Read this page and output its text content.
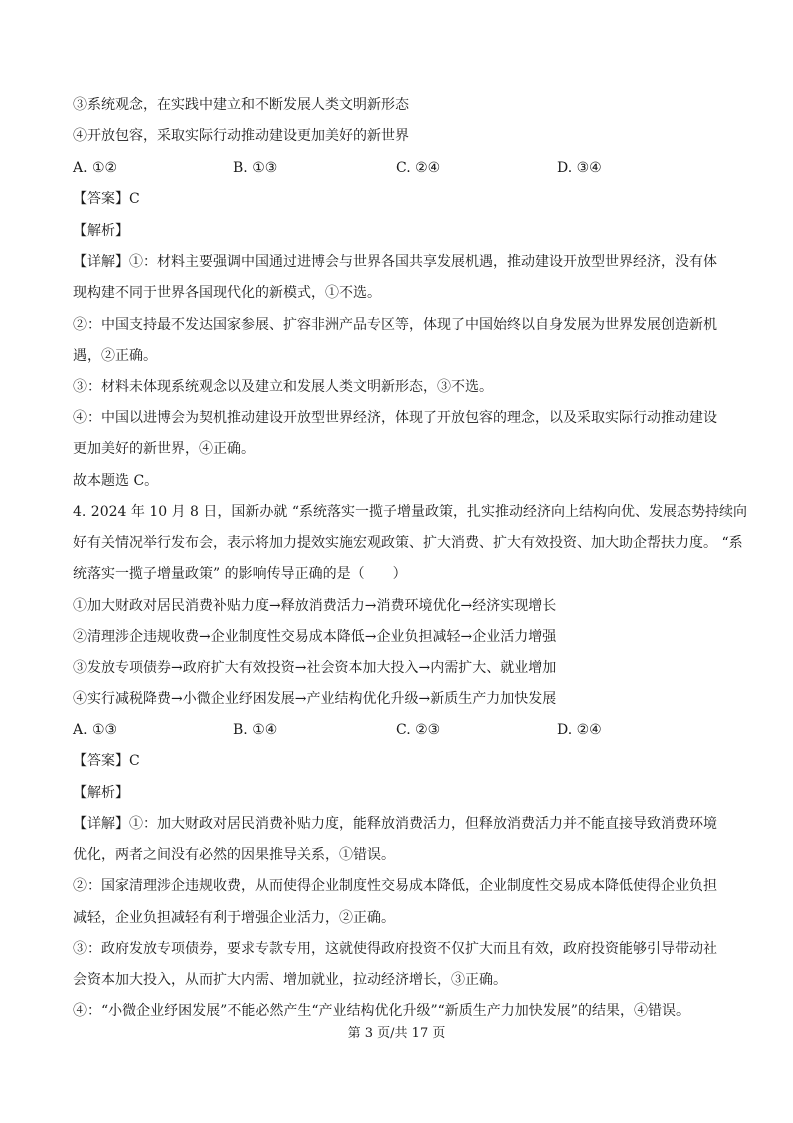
③系统观念，在实践中建立和不断发展人类文明新形态
④开放包容，采取实际行动推动建设更加美好的新世界
A. ①②	B. ①③	C. ②④	D. ③④
【答案】C
【解析】
【详解】①：材料主要强调中国通过进博会与世界各国共享发展机遇，推动建设开放型世界经济，没有体
现构建不同于世界各国现代化的新模式，①不选。
②：中国支持最不发达国家参展、扩容非洲产品专区等，体现了中国始终以自身发展为世界发展创造新机
遇，②正确。
③：材料未体现系统观念以及建立和发展人类文明新形态，③不选。
④：中国以进博会为契机推动建设开放型世界经济，体现了开放包容的理念，以及采取实际行动推动建设
更加美好的新世界，④正确。
故本题选 C。
4. 2024 年 10 月 8 日，国新办就 “系统落实一揽子增量政策，扎实推动经济向上结构向优、发展态势持续向
好有关情况举行发布会，表示将加力提效实施宏观政策、扩大消费、扩大有效投资、加大助企帮扶力度。 “系
统落实一揽子增量政策” 的影响传导正确的是（　　）
①加大财政对居民消费补贴力度→释放消费活力→消费环境优化→经济实现增长
②清理涉企违规收费→企业制度性交易成本降低→企业负担减轻→企业活力增强
③发放专项债券→政府扩大有效投资→社会资本加大投入→内需扩大、就业增加
④实行减税降费→小微企业纾困发展→产业结构优化升级→新质生产力加快发展
A. ①③	B. ①④	C. ②③	D. ②④
【答案】C
【解析】
【详解】①：加大财政对居民消费补贴力度，能释放消费活力，但释放消费活力并不能直接导致消费环境
优化，两者之间没有必然的因果推导关系，①错误。
②：国家清理涉企违规收费，从而使得企业制度性交易成本降低，企业制度性交易成本降低使得企业负担
减轻，企业负担减轻有利于增强企业活力，②正确。
③：政府发放专项债券，要求专款专用，这就使得政府投资不仅扩大而且有效，政府投资能够引导带动社
会资本加大投入，从而扩大内需、增加就业，拉动经济增长，③正确。
④：“小微企业纾困发展”不能必然产生“产业结构优化升级”“新质生产力加快发展”的结果，④错误。
第 3 页/共 17 页
